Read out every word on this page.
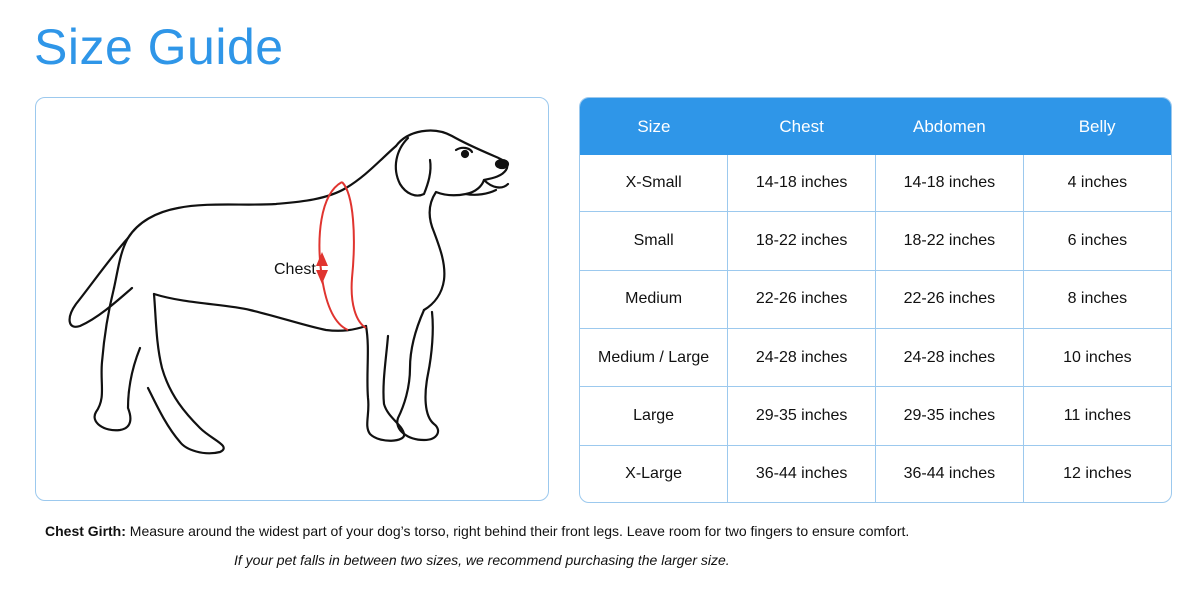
Size Guide
Chest
Size	Chest	Abdomen	Belly
X-Small	14-18 inches	14-18 inches	4 inches
Small	18-22 inches	18-22 inches	6 inches
Medium	22-26 inches	22-26 inches	8 inches
Medium / Large	24-28 inches	24-28 inches	10 inches
Large	29-35 inches	29-35 inches	11 inches
X-Large	36-44 inches	36-44 inches	12 inches

Chest Girth: Measure around the widest part of your dog’s torso, right behind their front legs. Leave room for two fingers to ensure comfort.

If your pet falls in between two sizes, we recommend purchasing the larger size.
